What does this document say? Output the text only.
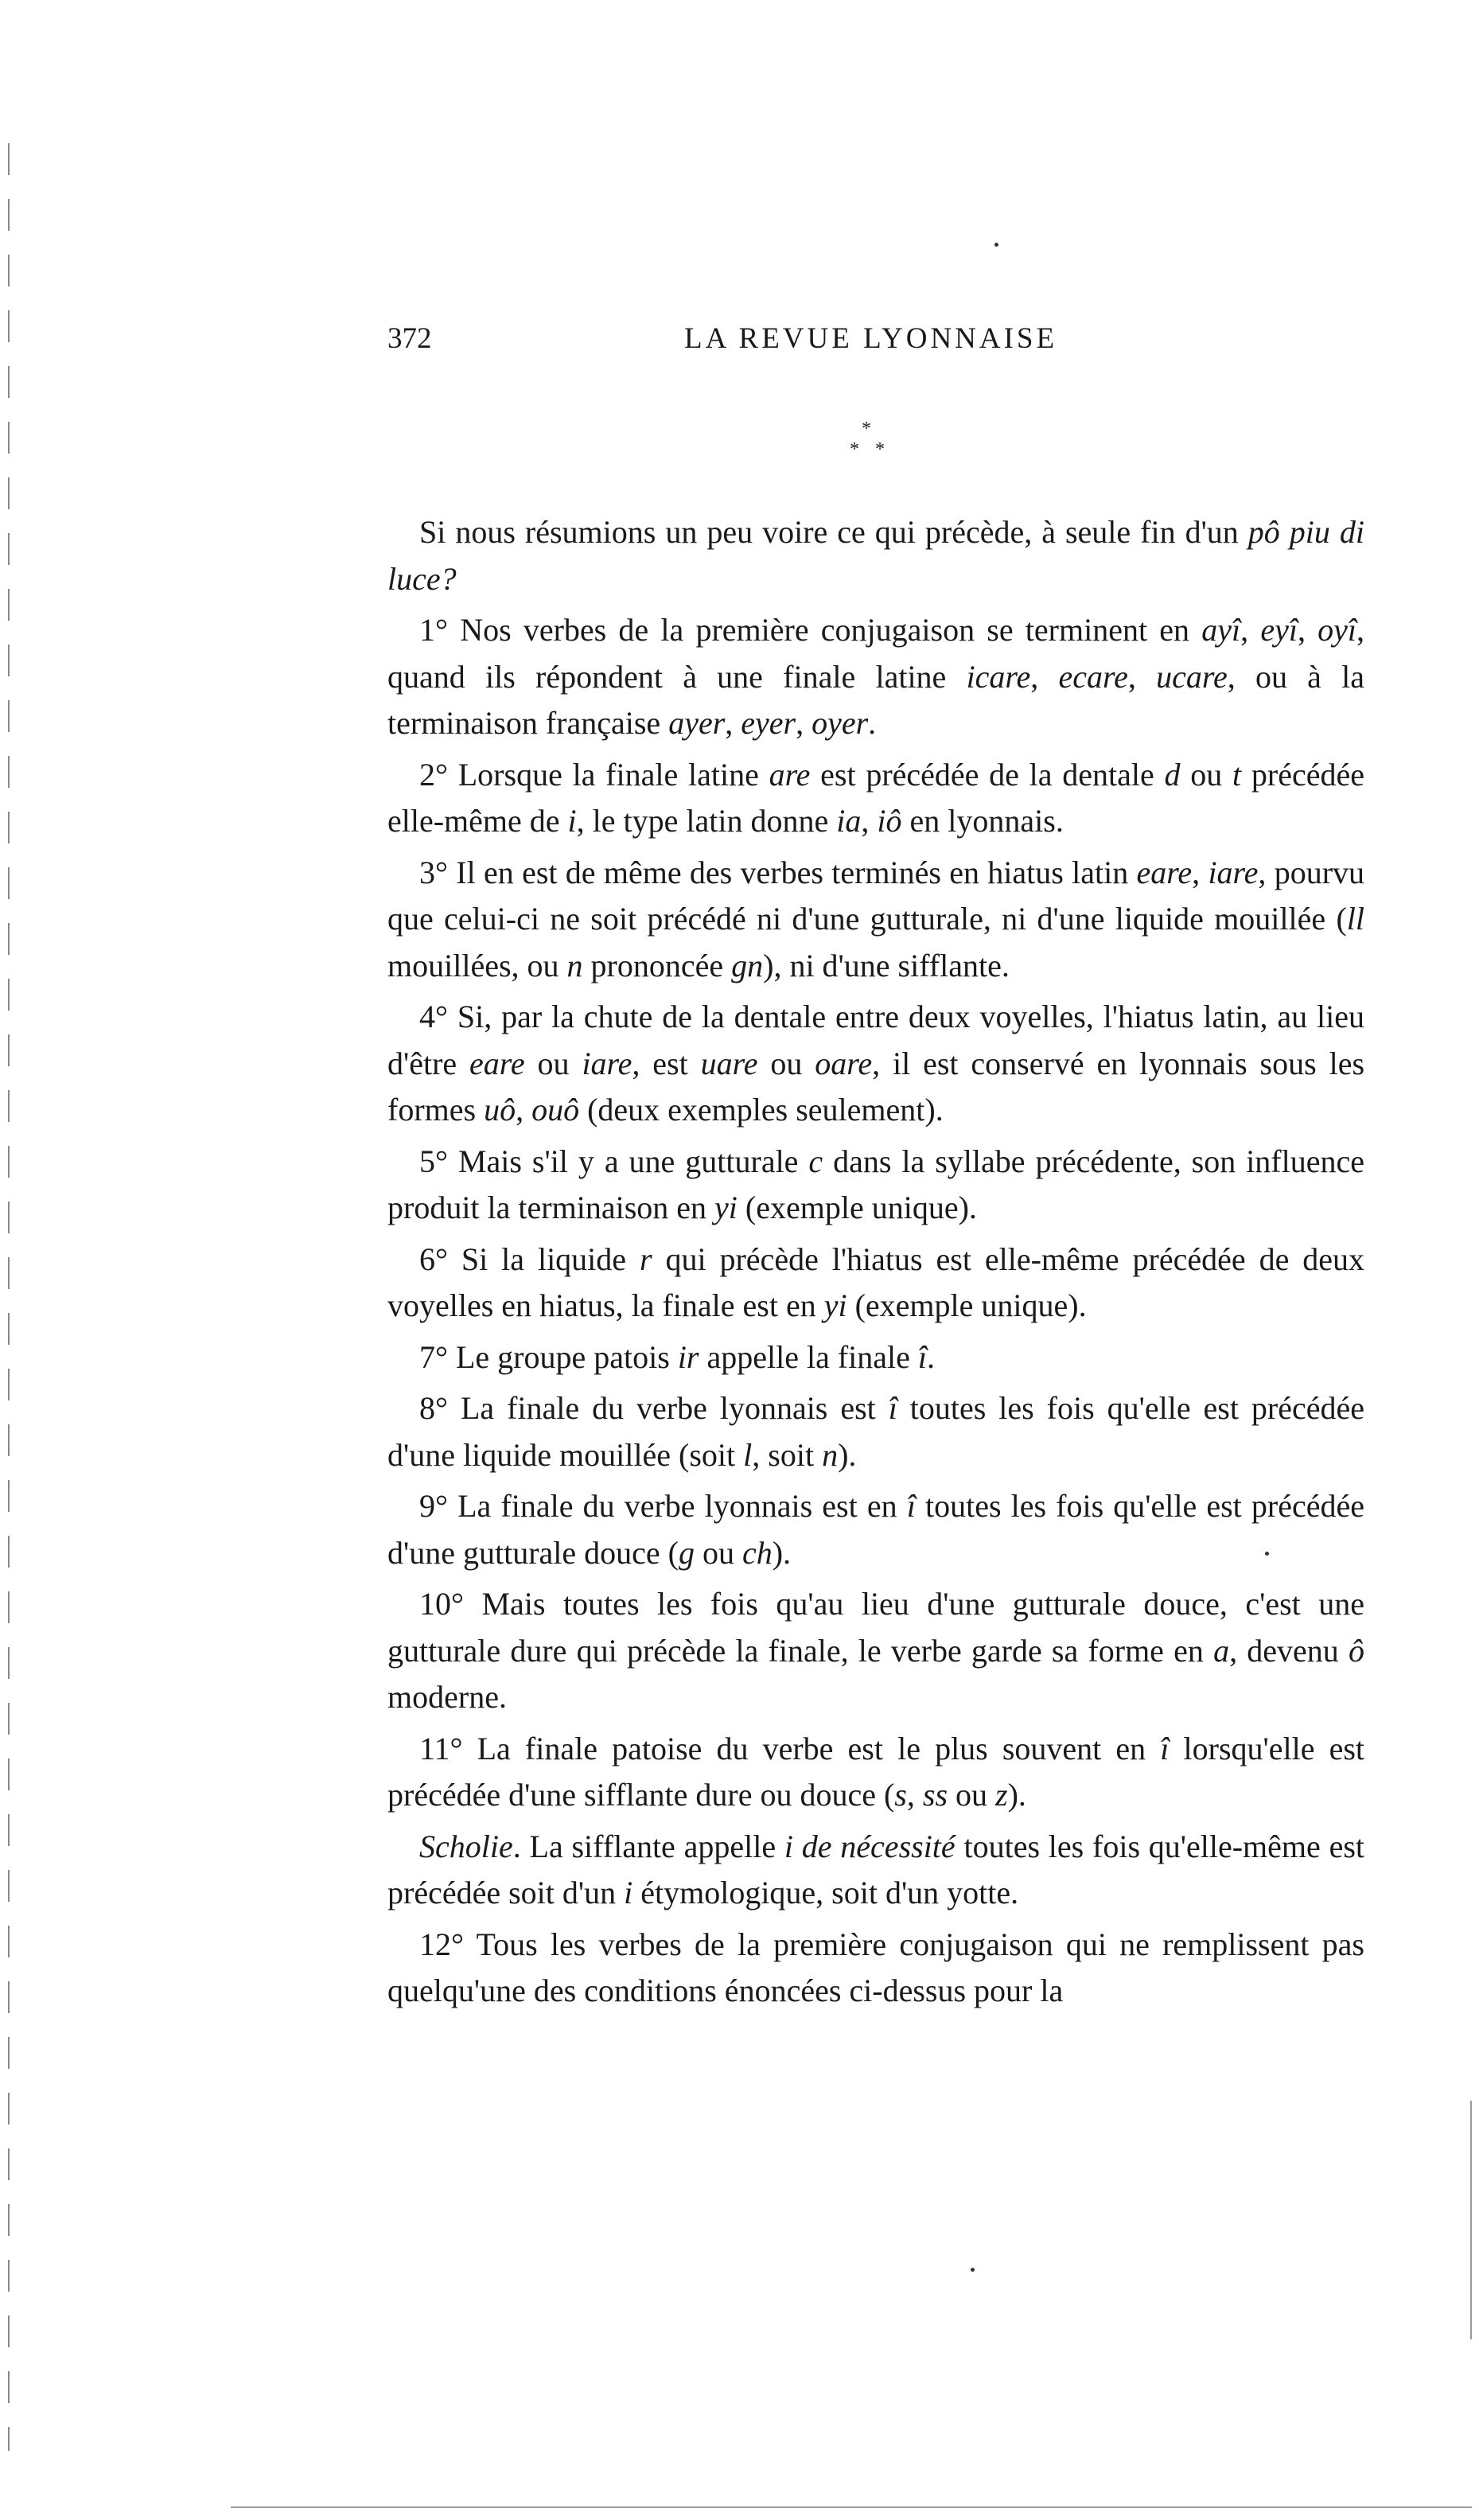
372	LA REVUE LYONNAISE
*
* *

Si nous résumions un peu voire ce qui précède, à seule fin d'un pô piu di luce?

1° Nos verbes de la première conjugaison se terminent en ayî, eyî, oyî, quand ils répondent à une finale latine icare, ecare, ucare, ou à la terminaison française ayer, eyer, oyer.

2° Lorsque la finale latine are est précédée de la dentale d ou t précédée elle-même de i, le type latin donne ia, iô en lyonnais.

3° Il en est de même des verbes terminés en hiatus latin eare, iare, pourvu que celui-ci ne soit précédé ni d'une gutturale, ni d'une liquide mouillée (ll mouillées, ou n prononcée gn), ni d'une sifflante.

4° Si, par la chute de la dentale entre deux voyelles, l'hiatus latin, au lieu d'être eare ou iare, est uare ou oare, il est conservé en lyonnais sous les formes uô, ouô (deux exemples seulement).

5° Mais s'il y a une gutturale c dans la syllabe précédente, son influence produit la terminaison en yi (exemple unique).

6° Si la liquide r qui précède l'hiatus est elle-même précédée de deux voyelles en hiatus, la finale est en yi (exemple unique).

7° Le groupe patois ir appelle la finale î.

8° La finale du verbe lyonnais est î toutes les fois qu'elle est précédée d'une liquide mouillée (soit l, soit n).

9° La finale du verbe lyonnais est en î toutes les fois qu'elle est précédée d'une gutturale douce (g ou ch).

10° Mais toutes les fois qu'au lieu d'une gutturale douce, c'est une gutturale dure qui précède la finale, le verbe garde sa forme en a, devenu ô moderne.

11° La finale patoise du verbe est le plus souvent en î lorsqu'elle est précédée d'une sifflante dure ou douce (s, ss ou z).

Scholie. La sifflante appelle i de nécessité toutes les fois qu'elle-même est précédée soit d'un i étymologique, soit d'un yotte.

12° Tous les verbes de la première conjugaison qui ne remplissent pas quelqu'une des conditions énoncées ci-dessus pour la
